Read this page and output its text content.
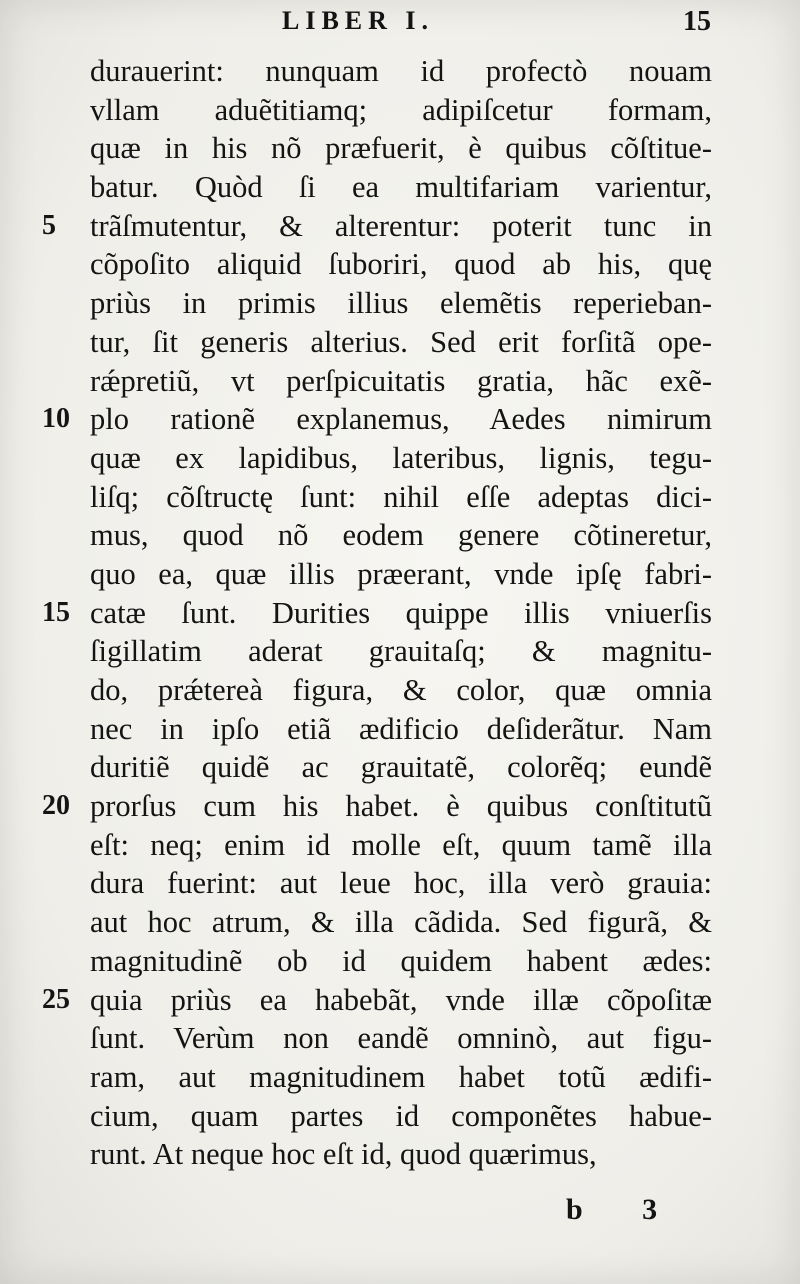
LIBER I.	15
durauerint: nunquam id profectò nouam
vllam aduẽtitiamq; adipiſcetur formam,
quæ in his nõ præfuerit, è quibus cõſtitue-
batur. Quòd ſi ea multifariam varientur,
5	trãſmutentur, & alterentur: poterit tunc in
cõpoſito aliquid ſuboriri, quod ab his, quę
priùs in primis illius elemẽtis reperieban-
tur, ſit generis alterius. Sed erit forſitã ope-
rǽpretiũ, vt perſpicuitatis gratia, hãc exẽ-
10 plo rationẽ explanemus, Aedes nimirum
quæ ex lapidibus, lateribus, lignis, tegu-
liſq; cõſtructę ſunt: nihil eſſe adeptas dici-
mus, quod nõ eodem genere cõtineretur,
quo ea, quæ illis præerant, vnde ipſę fabri-
15 catæ ſunt. Durities quippe illis vniuerſis
ſigillatim aderat grauitaſq; & magnitu-
do, prǽtereà figura, & color, quæ omnia
nec in ipſo etiã ædificio deſiderãtur. Nam
duritiẽ quidẽ ac grauitatẽ, colorẽq; eundẽ
20 prorſus cum his habet. è quibus conſtitutũ
eſt: neq; enim id molle eſt, quum tamẽ illa
dura fuerint: aut leue hoc, illa verò grauia:
aut hoc atrum, & illa cãdida. Sed figurã, &
magnitudinẽ ob id quidem habent ædes:
25 quia priùs ea habebãt, vnde illæ cõpoſitæ
ſunt. Verùm non eandẽ omninò, aut figu-
ram, aut magnitudinem habet totũ ædifi-
cium, quam partes id componẽtes habue-
runt. At neque hoc eſt id, quod quærimus,
b 3
